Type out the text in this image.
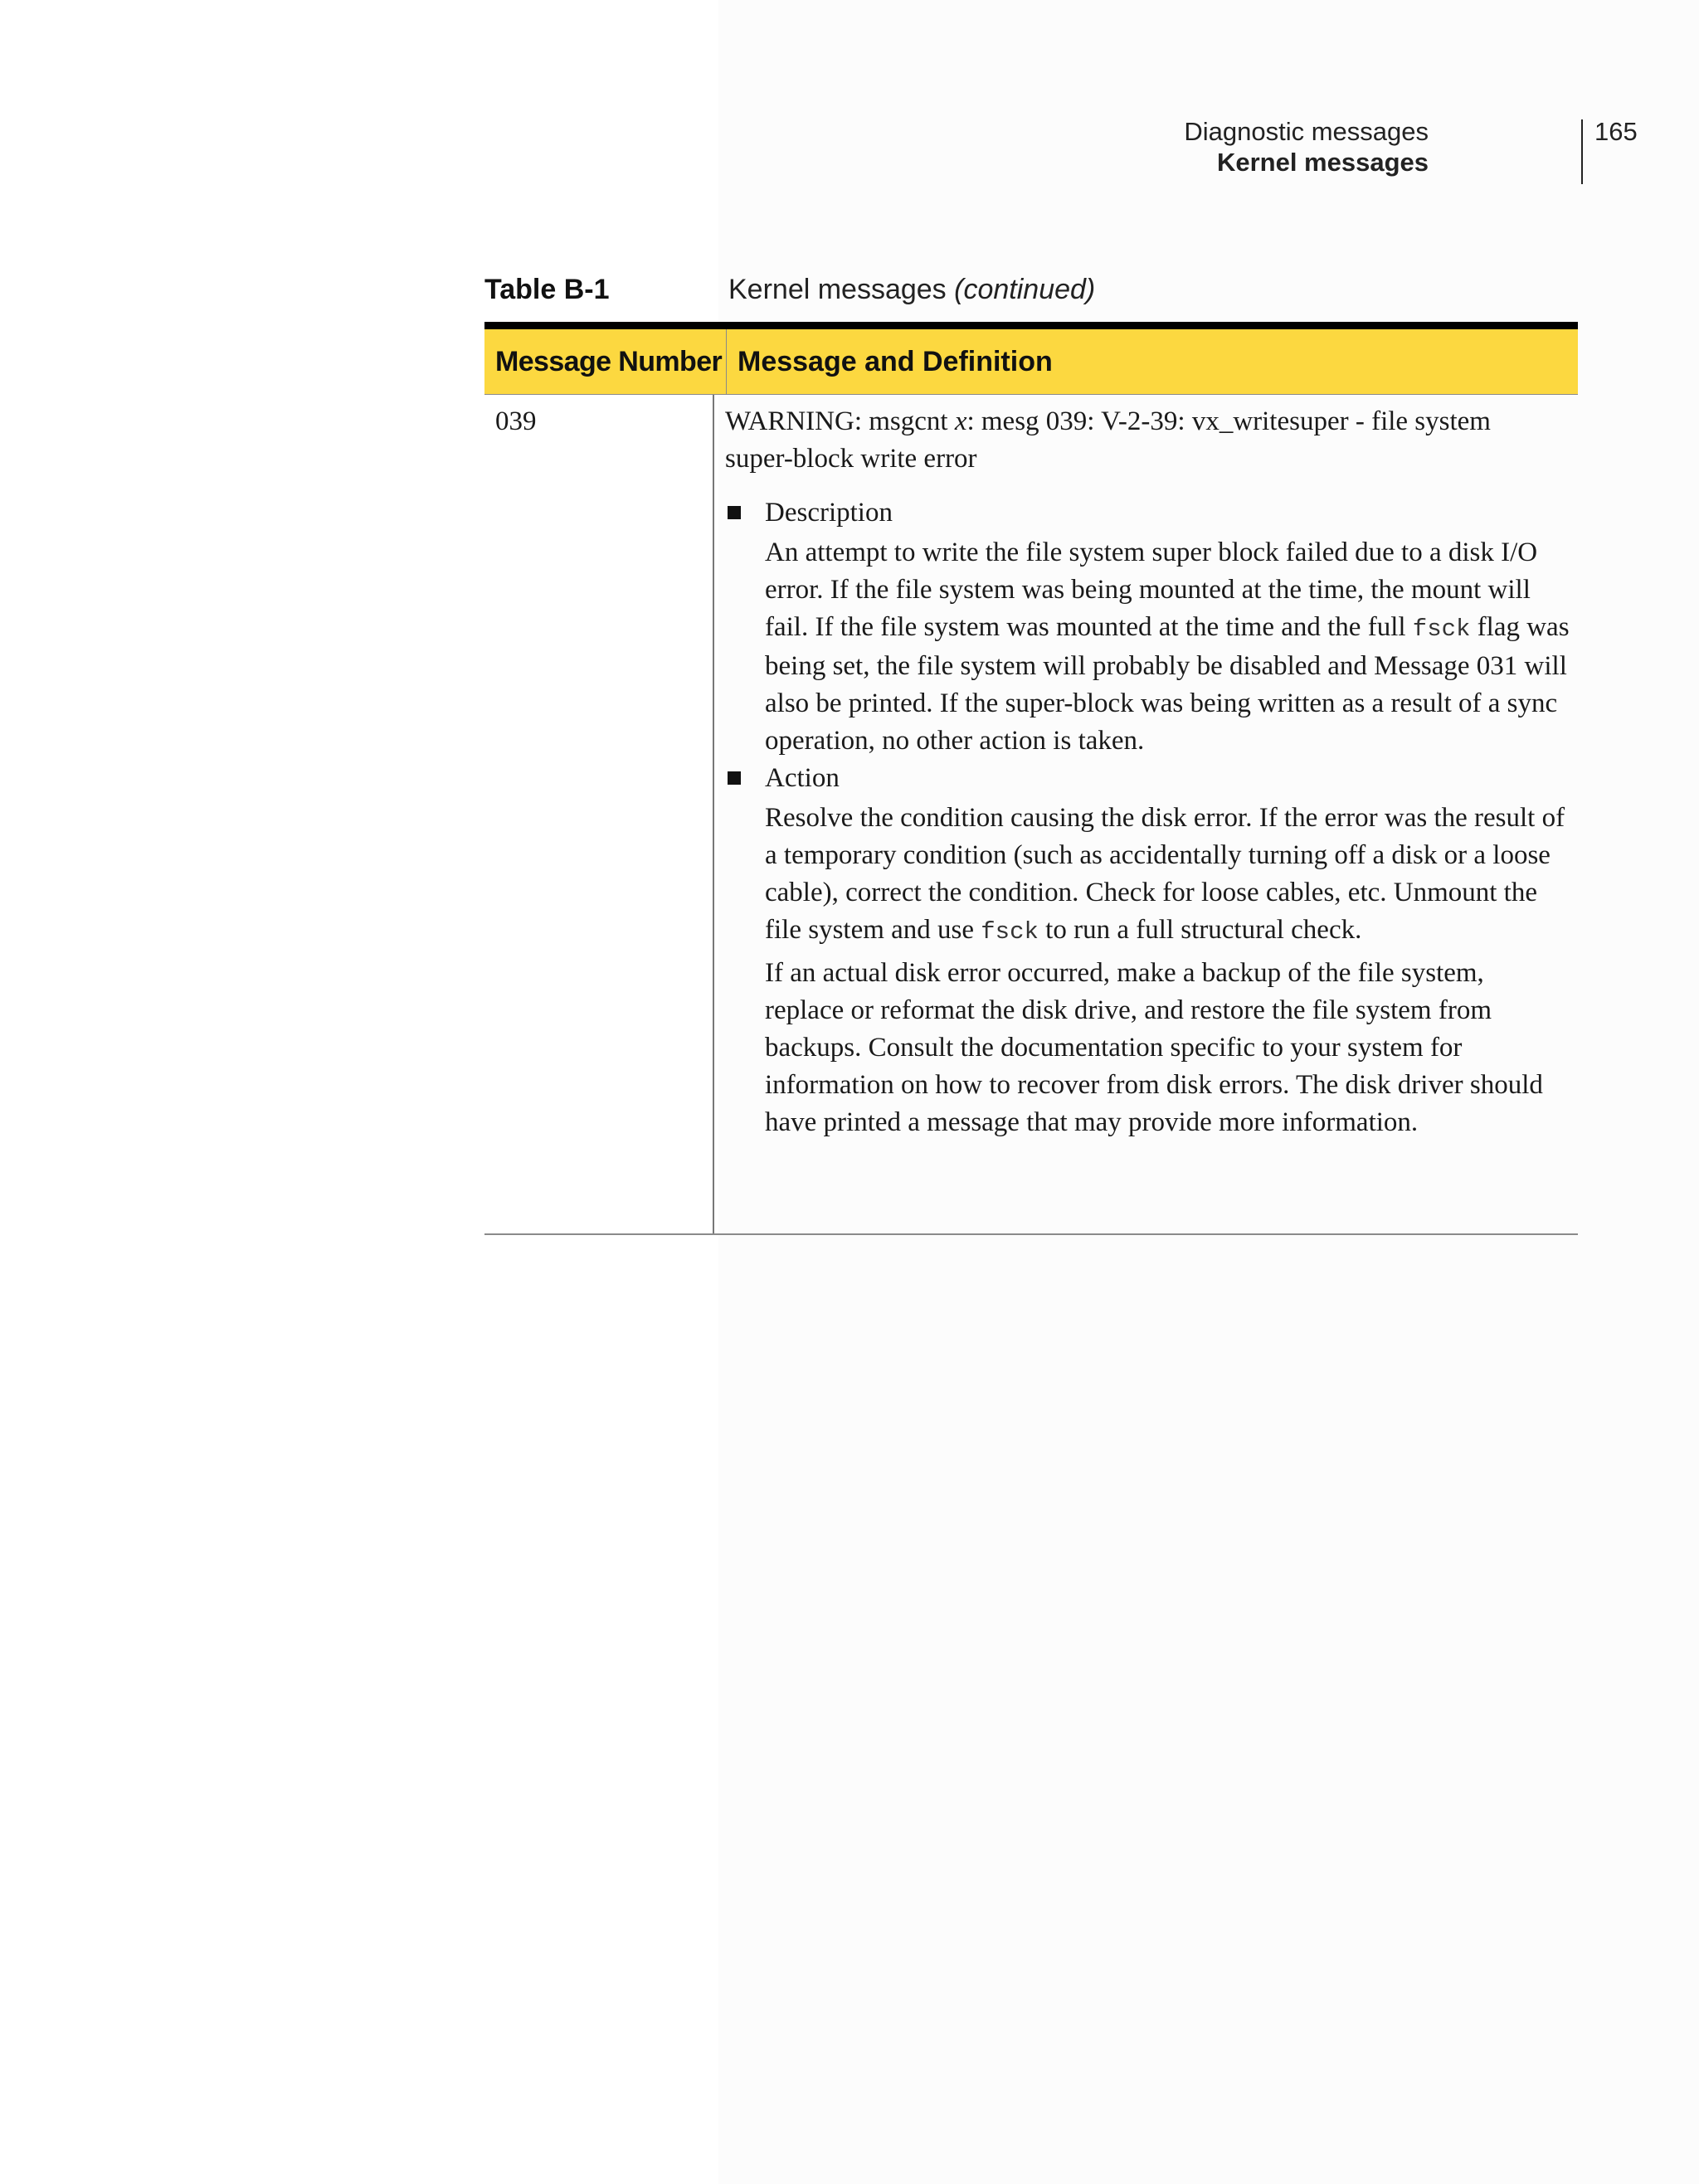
Diagnostic messages
Kernel messages
165
Table B-1	Kernel messages (continued)
Message Number Message and Definition
039	WARNING: msgcnt x: mesg 039: V-2-39: vx_writesuper - file system super-block write error

Description

An attempt to write the file system super block failed due to a disk I/O error. If the file system was being mounted at the time, the mount will fail. If the file system was mounted at the time and the full fsck flag was being set, the file system will probably be disabled and Message 031 will also be printed. If the super-block was being written as a result of a sync operation, no other action is taken.

Action

Resolve the condition causing the disk error. If the error was the result of a temporary condition (such as accidentally turning off a disk or a loose cable), correct the condition. Check for loose cables, etc. Unmount the file system and use fsck to run a full structural check.

If an actual disk error occurred, make a backup of the file system, replace or reformat the disk drive, and restore the file system from backups. Consult the documentation specific to your system for information on how to recover from disk errors. The disk driver should have printed a message that may provide more information.
